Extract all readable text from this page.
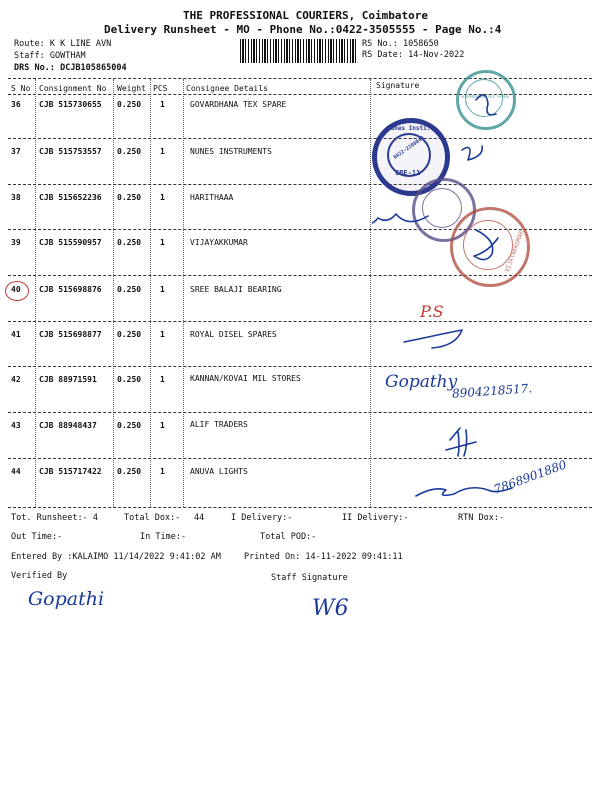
THE PROFESSIONAL COURIERS, Coimbatore
Delivery Runsheet - MO - Phone No.:0422-3505555 - Page No.:4
Route: K K LINE AVN
Staff: GOWTHAM
DRS No.: DCJB105865004
RS No.: 1058650
RS Date: 14-Nov-2022
S No Consignment No Weight PCS Consignee Details	Signature
36 CJB 515730655 0.250 1	GOVARDHANA TEX SPARE
37 CJB 515753557 0.250 1	NUNES INSTRUMENTS
38 CJB 515652236 0.250 1	HARITHAAA
39 CJB 515590957 0.250 1	VIJAYAKKUMAR
40 CJB 515698876 0.250 1	SREE BALAJI BEARING
41 CJB 515698877 0.250 1	ROYAL DISEL SPARES
42 CJB 88971591	0.250 1	KANNAN/KOVAI MIL STORES
43 CJB 88948437	0.250 1	ALIF TRADERS
44 CJB 515717422 0.250 1	ANUVA LIGHTS
Tot. Runsheet:- 4	Total Dox:- 44	I Delivery:-	II Delivery:-	RTN Dox:-
Out Time:-	In Time:-	Total POD:-
Entered By :KALAIMO 11/14/2022 9:41:02 AM	Printed On: 14-11-2022 09:41:11
Verified By	Staff Signature
GOVARDHANA TEX SPARE
Nunes Insti...
0422-2200048
CBE-11
VIJAYAKKUMAR
P.S
Gopathy
8904218517.
7868901880
Gopathi	W6
